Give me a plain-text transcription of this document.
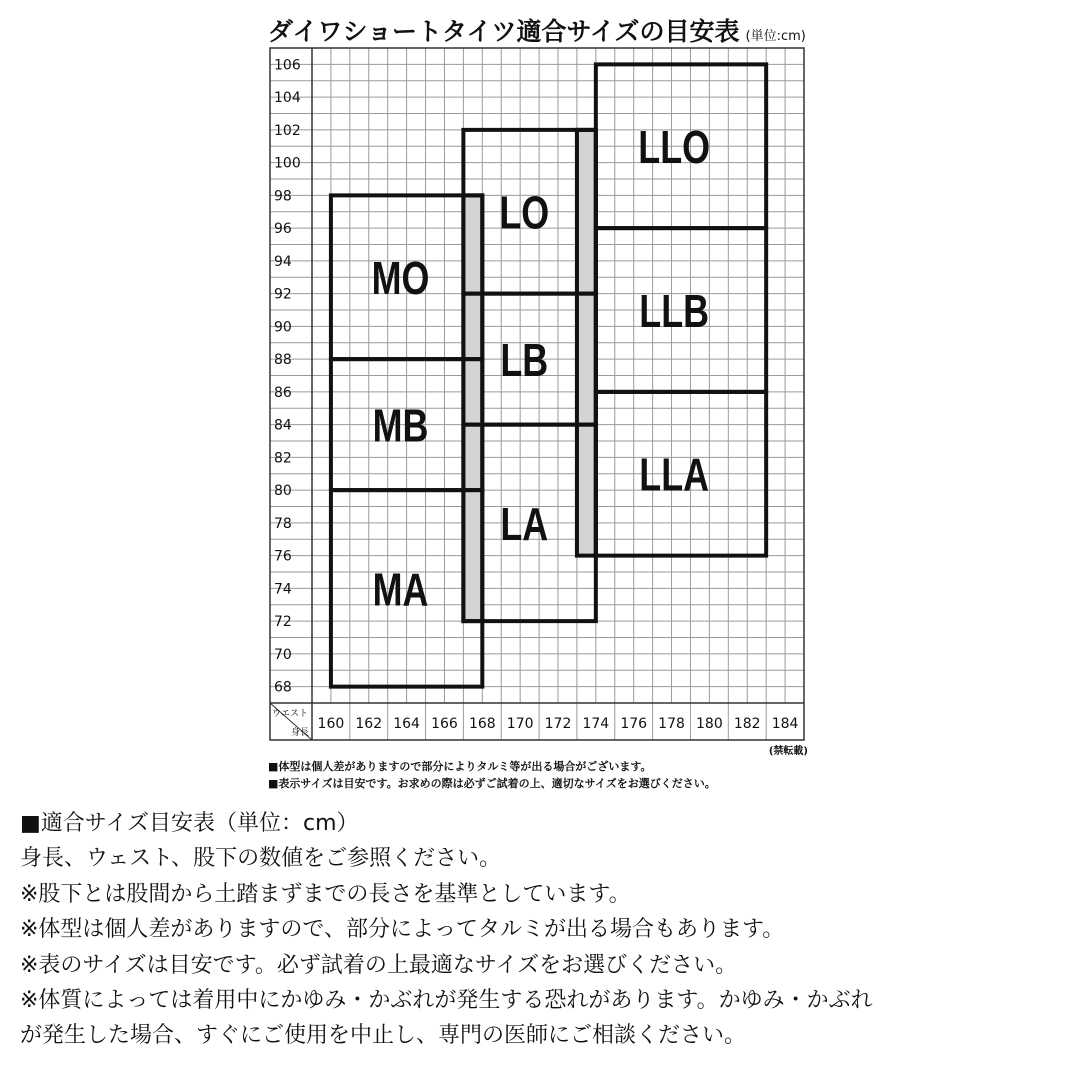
ダイワショートタイツ適合サイズの目安表 (単位:cm)
ウエスト
身長
106
104
102
100
98
96
94
92
90
88
86
84
82
80
78
76
74
72
70
68
160 162 164 166 168 170 172 174 176 178 180 182 184
MO
MB
MA
LO
LB
LA
LLO
LLB
LLA
(禁転載)
■体型は個人差がありますので部分によりタルミ等が出る場合がございます。
■表示サイズは目安です。お求めの際は必ずご試着の上、適切なサイズをお選びください。
■適合サイズ目安表（単位：cm）
身長、ウェスト、股下の数値をご参照ください。
※股下とは股間から土踏まずまでの長さを基準としています。
※体型は個人差がありますので、部分によってタルミが出る場合もあります。
※表のサイズは目安です。必ず試着の上最適なサイズをお選びください。
※体質によっては着用中にかゆみ・かぶれが発生する恐れがあります。かゆみ・かぶれ
が発生した場合、すぐにご使用を中止し、専門の医師にご相談ください。
